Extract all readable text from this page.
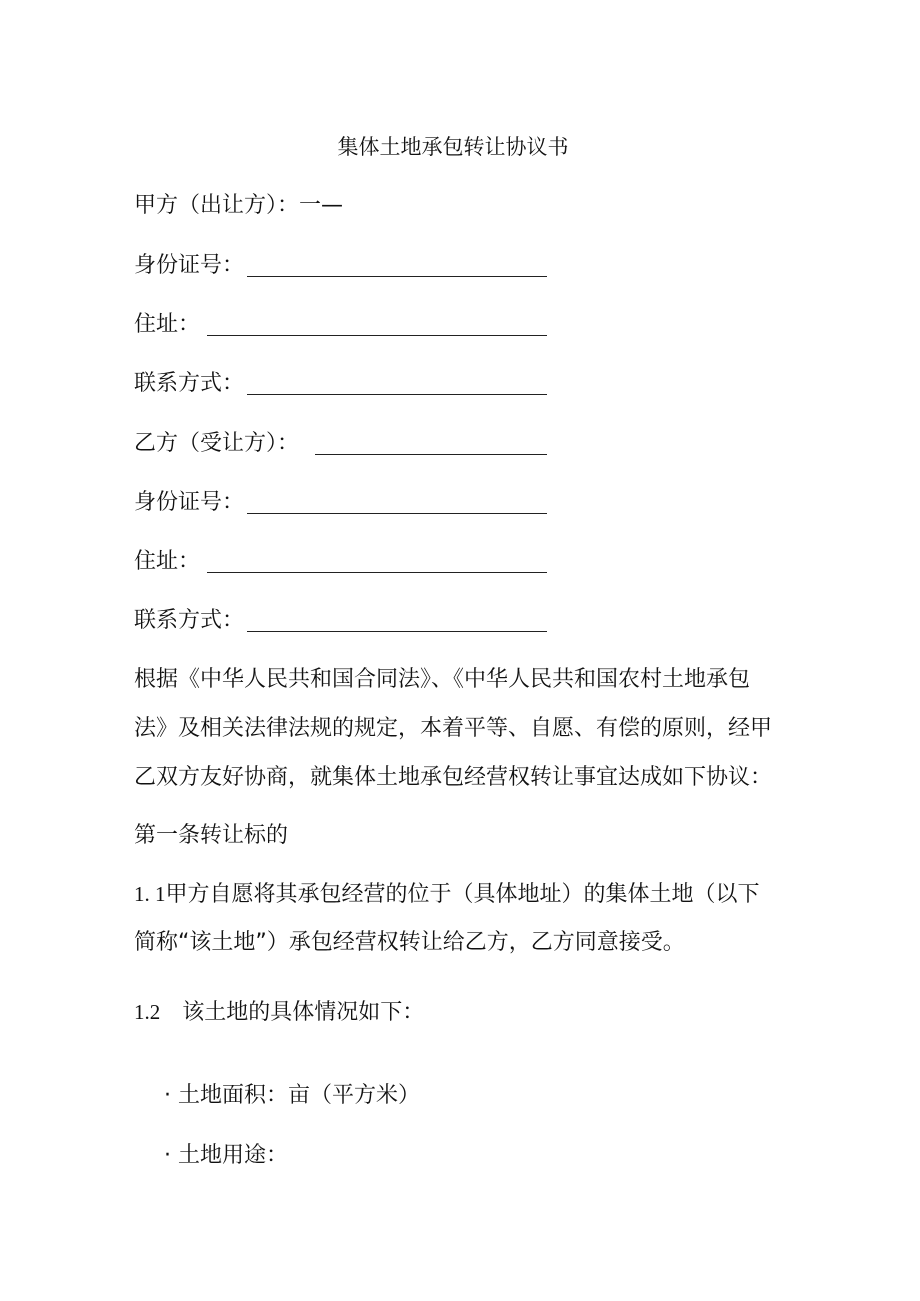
集体土地承包转让协议书
甲方（出让方）：一—
身份证号：
住址：
联系方式：
乙方（受让方）：
身份证号：
住址：
联系方式：
根据《中华人民共和国合同法》、《中华人民共和国农村土地承包
法》及相关法律法规的规定，本着平等、自愿、有偿的原则，经甲
乙双方友好协商，就集体土地承包经营权转让事宜达成如下协议：
第一条转让标的
1. 1甲方自愿将其承包经营的位于（具体地址）的集体土地（以下
简称“该土地”）承包经营权转让给乙方，乙方同意接受。
1.2 该土地的具体情况如下：
· 土地面积：亩（平方米）
· 土地用途：
